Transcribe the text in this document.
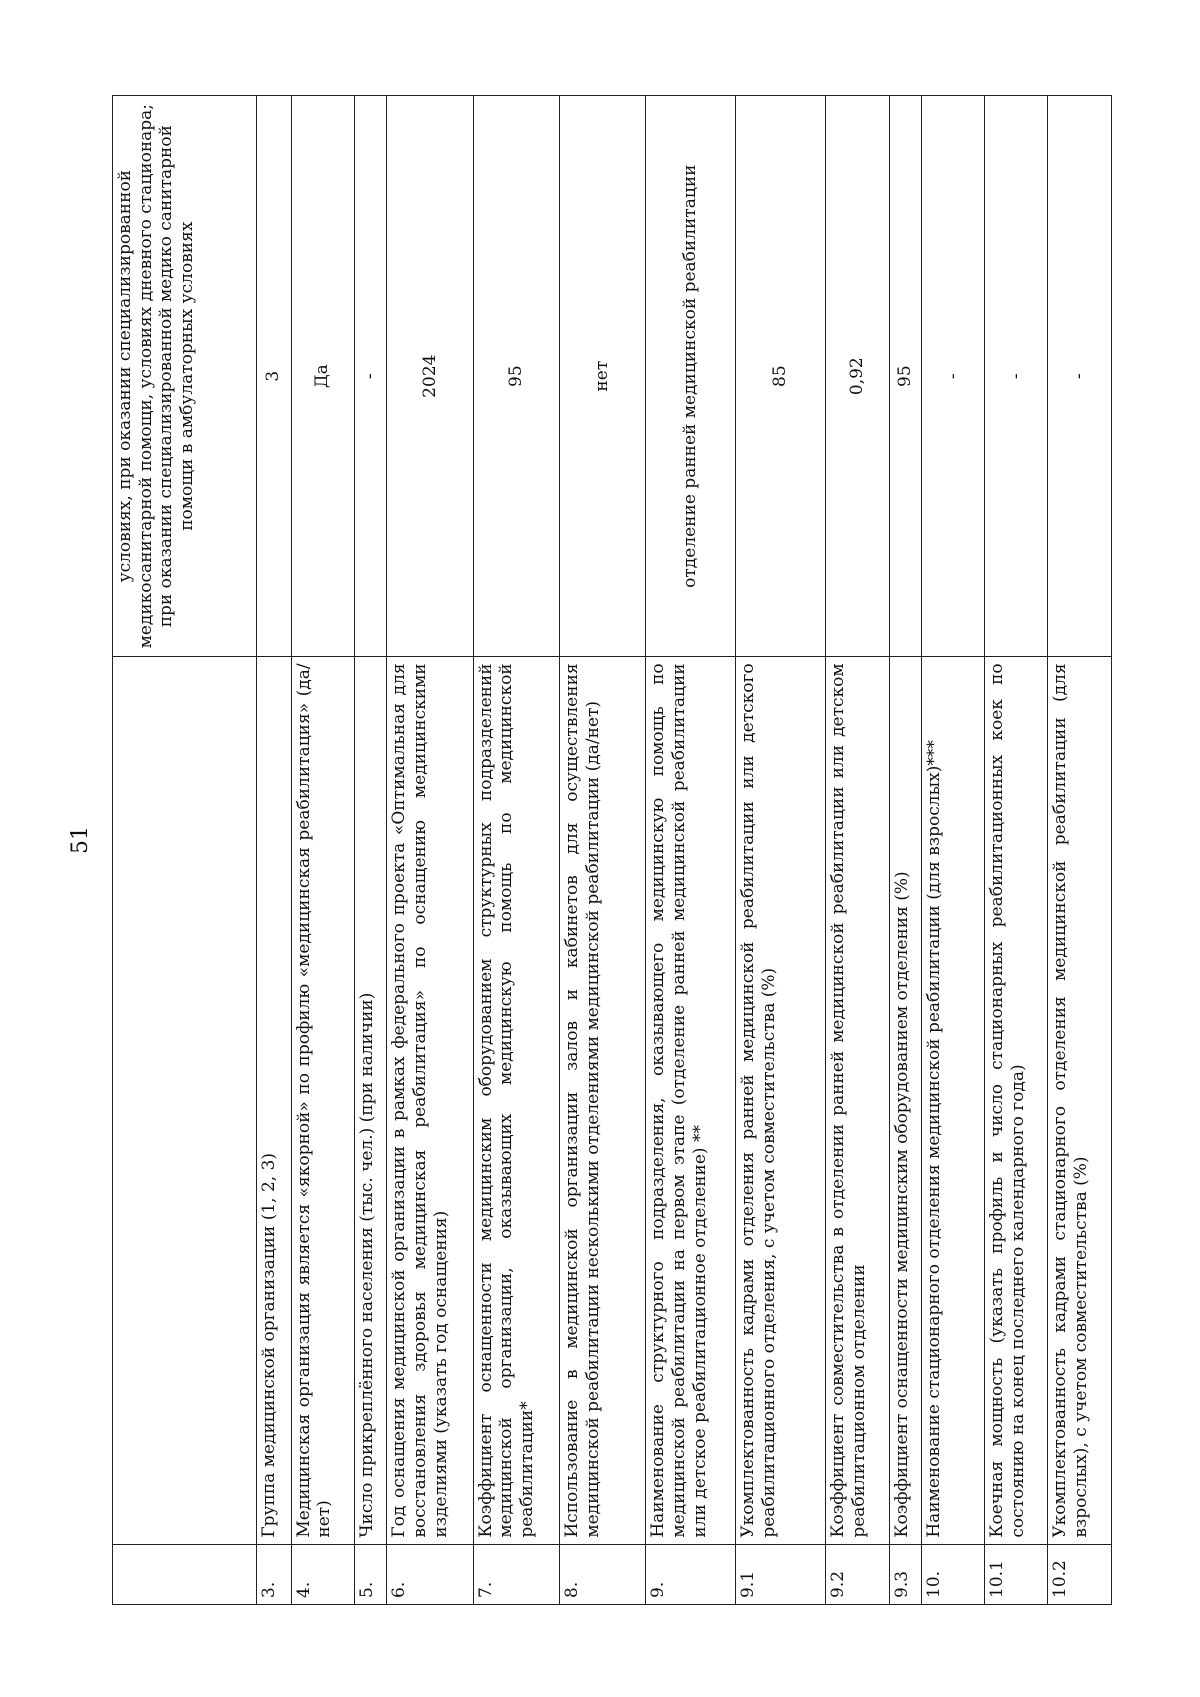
51

		условиях, при оказании специализированной медикосанитарной помощи, условиях дневного стационара; при оказании специализированной медико санитарной помощи в амбулаторных условиях

3.	Группа медицинской организации (1, 2, 3)	3
4.	Медицинская организация является «якорной» по профилю «медицинская реабилитация» (да/нет)	Да
5.	Число прикреплённого населения (тыс. чел.) (при наличии)	-
6.	Год оснащения медицинской организации в рамках федерального проекта «Оптимальная для восстановления здоровья медицинская реабилитация» по оснащению медицинскими изделиями (указать год оснащения)	2024
7.	Коэффициент оснащенности медицинским оборудованием структурных подразделений медицинской организации, оказывающих медицинскую помощь по медицинской реабилитации*	95
8.	Использование в медицинской организации залов и кабинетов для осуществления медицинской реабилитации несколькими отделениями медицинской реабилитации (да/нет)	нет
9.	Наименование структурного подразделения, оказывающего медицинскую помощь по медицинской реабилитации на первом этапе (отделение ранней медицинской реабилитации или детское реабилитационное отделение) **	отделение ранней медицинской реабилитации
9.1	Укомплектованность кадрами отделения ранней медицинской реабилитации или детского реабилитационного отделения, с учетом совместительства (%)	85
9.2	Коэффициент совместительства в отделении ранней медицинской реабилитации или детском реабилитационном отделении	0,92
9.3	Коэффициент оснащенности медицинским оборудованием отделения (%)	95
10.	Наименование стационарного отделения медицинской реабилитации (для взрослых)***	-
10.1	Коечная мощность (указать профиль и число стационарных реабилитационных коек по состоянию на конец последнего календарного года)	-
10.2	Укомплектованность кадрами стационарного отделения медицинской реабилитации (для взрослых), с учетом совместительства (%)	-
